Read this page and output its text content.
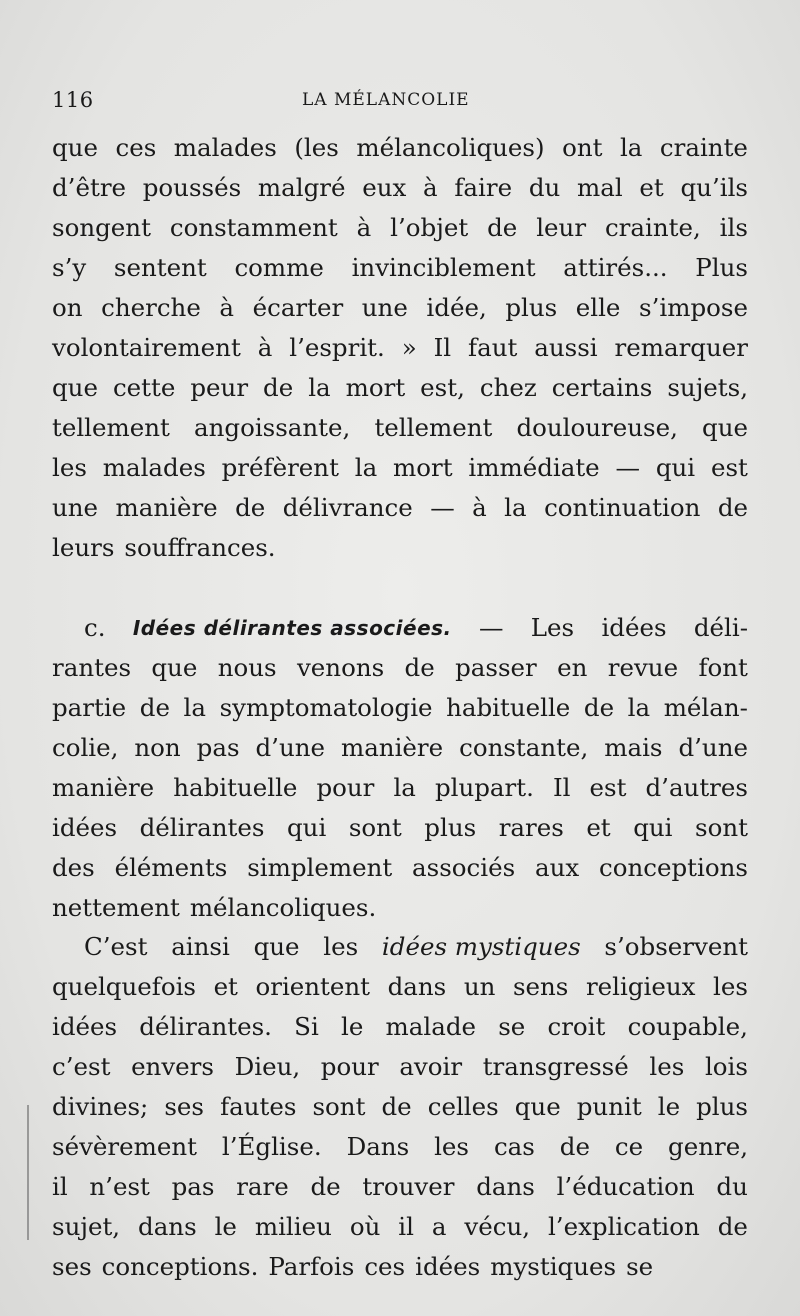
116	LA MÉLANCOLIE
que ces malades (les mélancoliques) ont la crainte
d’être poussés malgré eux à faire du mal et qu’ils
songent constamment à l’objet de leur crainte, ils
s’y sentent comme invinciblement attirés... Plus
on cherche à écarter une idée, plus elle s’impose
volontairement à l’esprit. » Il faut aussi remarquer
que cette peur de la mort est, chez certains sujets,
tellement angoissante, tellement douloureuse, que
les malades préfèrent la mort immédiate — qui est
une manière de délivrance — à la continuation de
leurs souffrances.
c. Idées délirantes associées. — Les idées déli-
rantes que nous venons de passer en revue font
partie de la symptomatologie habituelle de la mélan-
colie, non pas d’une manière constante, mais d’une
manière habituelle pour la plupart. Il est d’autres
idées délirantes qui sont plus rares et qui sont
des éléments simplement associés aux conceptions
nettement mélancoliques.
C’est ainsi que les idées mystiques s’observent
quelquefois et orientent dans un sens religieux les
idées délirantes. Si le malade se croit coupable,
c’est envers Dieu, pour avoir transgressé les lois
divines; ses fautes sont de celles que punit le plus
sévèrement l’Église. Dans les cas de ce genre,
il n’est pas rare de trouver dans l’éducation du
sujet, dans le milieu où il a vécu, l’explication de
ses conceptions. Parfois ces idées mystiques se
